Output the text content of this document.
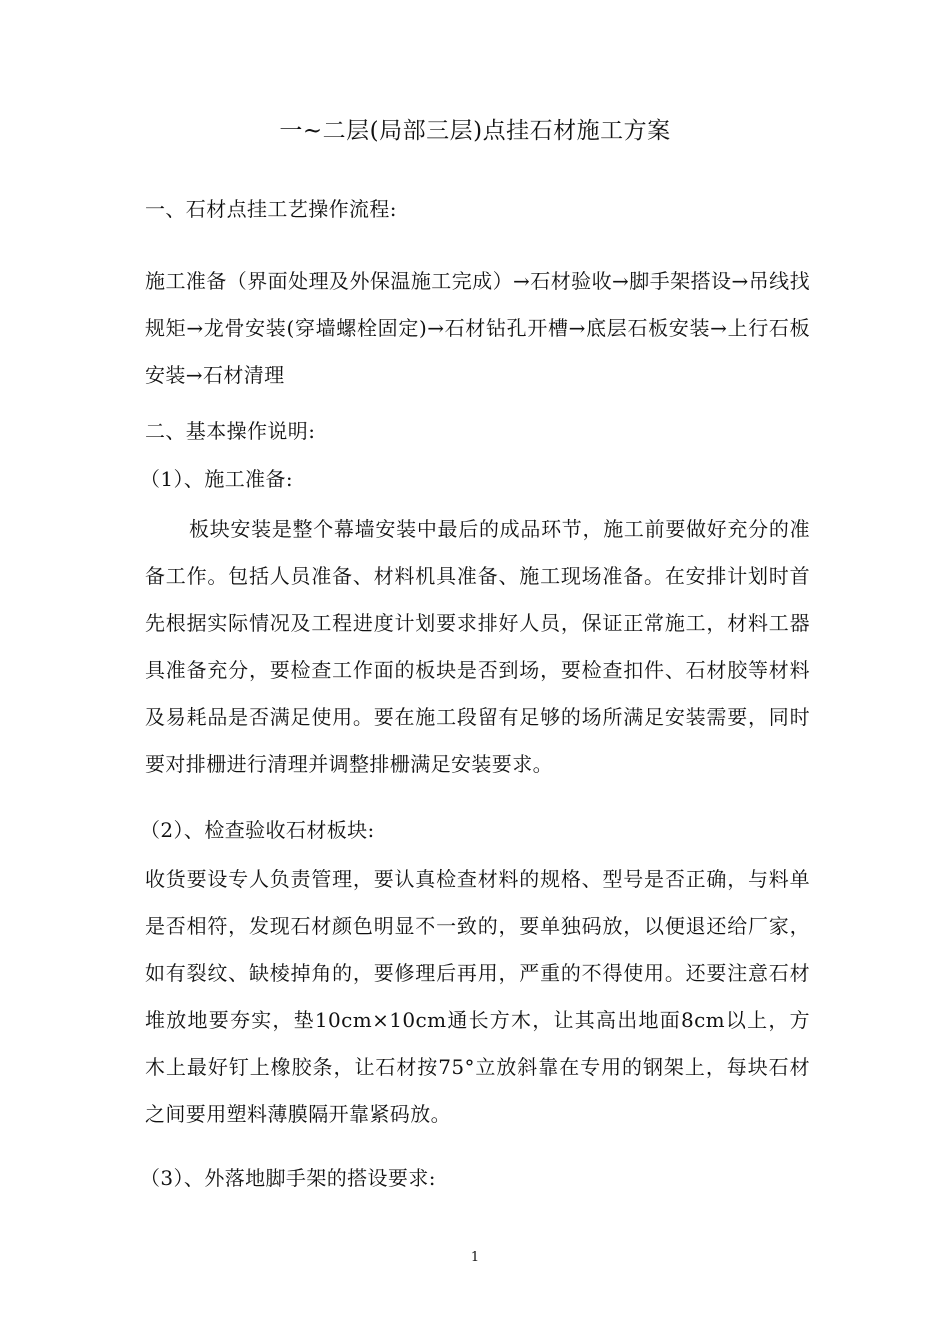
一~二层(局部三层)点挂石材施工方案
一、石材点挂工艺操作流程:
施工准备（界面处理及外保温施工完成）→石材验收→脚手架搭设→吊线找规矩→龙骨安装(穿墙螺栓固定)→石材钻孔开槽→底层石板安装→上行石板安装→石材清理
二、基本操作说明:
（1）、施工准备:
板块安装是整个幕墙安装中最后的成品环节，施工前要做好充分的准备工作。包括人员准备、材料机具准备、施工现场准备。在安排计划时首先根据实际情况及工程进度计划要求排好人员，保证正常施工，材料工器具准备充分，要检查工作面的板块是否到场，要检查扣件、石材胶等材料及易耗品是否满足使用。要在施工段留有足够的场所满足安装需要，同时要对排栅进行清理并调整排栅满足安装要求。
（2）、检查验收石材板块:
收货要设专人负责管理，要认真检查材料的规格、型号是否正确，与料单是否相符，发现石材颜色明显不一致的，要单独码放，以便退还给厂家，如有裂纹、缺棱掉角的，要修理后再用，严重的不得使用。还要注意石材堆放地要夯实，垫10cm×10cm通长方木，让其高出地面8cm以上，方木上最好钉上橡胶条，让石材按75°立放斜靠在专用的钢架上，每块石材之间要用塑料薄膜隔开靠紧码放。
（3）、外落地脚手架的搭设要求:
1
